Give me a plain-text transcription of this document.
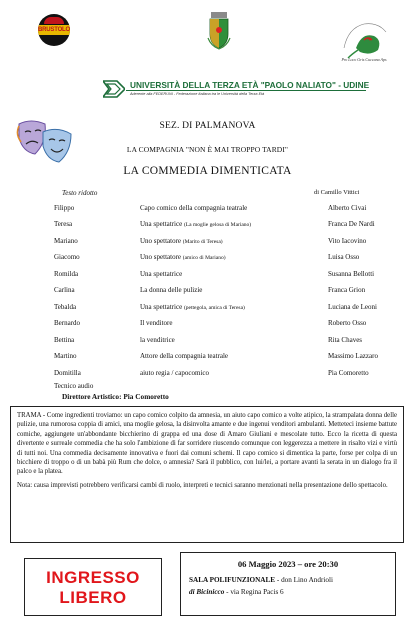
BRUSTOLO
Pro Loco Gris Cuccana Aps
UNIVERSITÀ DELLA TERZA ETÀ "PAOLO NALIATO" - UDINE
Aderente alla FEDERUNI - Federazione Italiana tra le Università della Terza Età
SEZ. DI PALMANOVA
LA COMPAGNIA "NON È MAI TROPPO TARDI"
LA COMMEDIA DIMENTICATA
Testo ridotto	di Camillo Vittici
Filippo	Capo comico della compagnia teatrale	Alberto Civai
Teresa	Una spettatrice (La moglie gelosa di Mariano)	Franca De Nardi
Mariano	Uno spettatore (Marito di Teresa)	Vito Iacovino
Giacomo	Uno spettatore (amico di Mariano)	Luisa Osso
Romilda	Una spettatrice	Susanna Bellotti
Carlina	La donna delle pulizie	Franca Grion
Tebalda	Una spettatrice (pettegola, amica di Teresa)	Luciana de Leoni
Bernardo	Il venditore	Roberto Osso
Bettina	la venditrice	Rita Chaves
Martino	Attore della compagnia teatrale	Massimo Lazzaro
Domitilla	aiuto regia / capocomico	Pia Comoretto
Tecnico audio
Direttore Artistico: Pia Comoretto

TRAMA - Come ingredienti troviamo: un capo comico colpito da amnesia, un aiuto capo comico a volte atipico, la strampalata donna delle pulizie, una rumorosa coppia di amici, una moglie gelosa, la disinvolta amante e due ingenui venditori ambulanti. Metteteci insieme battute comiche, aggiungete un'abbondante bicchierino di grappa ed una dose di Amaro Giuliani e mescolate tutto. Ecco la ricetta di questa divertente e surreale commedia che ha solo l'ambizione di far sorridere riuscendo comunque con leggerezza a mettere in risalto vizi e virtù di tutti noi. Una commedia decisamente innovativa e fuori dai comuni schemi. Il capo comico si dimentica la parte, forse per colpa di un bicchiere di troppo o di un babà più Rum che dolce, o amnesia? Sarà il pubblico, con lui/lei, a portare avanti la serata in un dialogo fra il palco e la platea.

Nota: causa imprevisti potrebbero verificarsi cambi di ruolo, interpreti e tecnici saranno menzionati nella presentazione dello spettacolo.

INGRESSO
LIBERO
06 Maggio 2023 – ore 20:30
SALA POLIFUNZIONALE - don Lino Andrioli
di Bicinicco - via Regina Pacis 6
